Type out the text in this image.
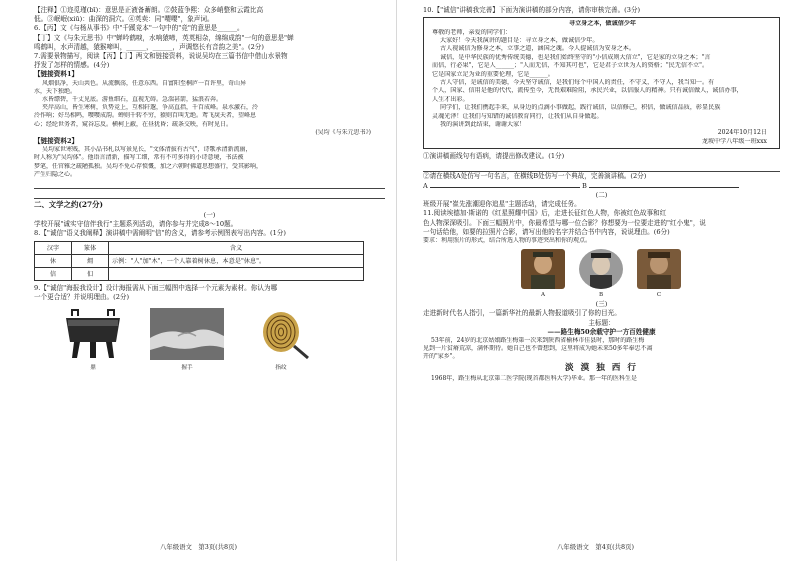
【注释】①迩觅瑾(bī)：意思是正液备蓄朗。②鼓蓝争熙：众多峭整和云霞比高
低。③岷岷(xiū)：曲深的洞穴。④英卖：同"嘤嘤"，象声词。
6.【丙】文《与杨从事书》中"千蹊竞本"一句中的"竞"的意思是______。
【丁】文《与朱元思书》中"蝉吟鹤唳，水响猿啼，英英相杂，绵绵成韵"一句的意思是"蝉
鸣鹤叫，水声清越，猿猴啼叫，______，______，声调悠长有音韵之美"。(2分)
7.需要景物描写，阅读【丙】【丁】两文和链接资料，说说吴均在三篇书信中借山水景物
抒发了怎样的情感。(4分)
【链接资料1】
风烟俱净，天山共色。从流飘荡，任意东西。自富阳至桐庐一百许里，奇山异
水，天下独绝。
水皆缥碧，千丈见底。游鱼细石，直视无碍。急湍甚箭，猛浪若奔。
夹岸高山，皆生寒树，负势竞上，互相轩邈，争高直指，千百成峰。泉水激石，泠
泠作响；好鸟相鸣，嘤嘤成韵。蝉则千转不穷，猿则百叫无绝。鸢飞戾天者，望峰息
心；经纶世务者，窥谷忘反。横柯上蔽，在昼犹昏；疏条交映，有时见日。
(吴均《与朱元思书》)
【链接资料2】
吴均家世寒贱，其小品书札以写景见长，"文体清拔有古气"，诗歌承清新流丽，
时人称为"吴均体"。他语言清新，描写工细，常有不可多得的小诗意境，书法被
梦笔，任官雅之疏陋孤独。吴均不免心存愤慨，加之六朝时佛道思想盛行，受其影响，
产生归隐之心。
二、文学之约(27分)
(一)
学校开展"诚实守信伴我行"主题系列活动，请你参与并完成8～10题。
8.【"诚信"语义我阐释】演讲稿中需阐明"信"的含义，请参考示例图表写出内容。(1分)
汉字	篆体	含义
休	㶲	示例："人"加"木"，一个人靠着树休息，本意是"休息"。
信	㐰	
9.【"诚信"海报我设计】设计海报需从下面三幅图中选择一个元素为素材。你认为哪
一个更合适？并说明理由。(2分)
鼎	握手	指纹
八年级语文　第3页(共8页)
10.【"诚信"讲稿我完善】下面为演讲稿的部分内容，请你审核完善。(3分)
寻立身之本，做诚信少年
尊敬的老师，亲爱的同学们：
大家好！今天我演讲的题目是：寻立身之本，做诚信少年。
古人视诚信为修身之本，立事之道，涵国之魂。今人提诚信为安身之本。
诚信，是中华民族的优秀传统美德，也是我们始终坚守的"小信成则大信立"，它是家的立身之本；"言
而信，行必果"，它是人______；"人而无信，不知其可也"，它是君子立世为人的资格；"民无信不立"。
它是国家立足为业的重要伦理，它是______。
古人守信，是诚信的美德，今天坚守诚信，是我们每个中国人的责任，不守义，不守人，我当知一。有
个人，国家、信用是他的代代，流传至今，无畏艰难险阻，承民兴业，以信服人的精神。只有诚信做人，诚信办事，
人生才出彩。
同学们，让我们携起手来，从身边的点滴小事做起，践行诚信，以信修己，积信，做诚信品质，彰显民族
灵魂光泽！让我们与知错的诚信教育同行，让我们从自身做起。
我的演讲到此结束，谢谢大家！
2024年10月12日
龙坡中学八年级一班xxx
①演讲稿画线句有语病，请提出修改建议。(1分)
②请在横线A处仿写一句名言，在横线B处仿写一个典故，完善演讲稿。(2分)
A	B
(二)
班级开展"崔先涨潮迎你追星"主题活动，请完成任务。
11.阅读埃德加·斯诺的《红星照耀中国》后，走进长征红色人物，你被红色故事和红
色人物深深吸引。下面三幅照片中，你最希望与哪一位合影？你想要为一位要走进的"红小鬼"，说
一句话给他，如要的拉照片合影，请写出他的名字并结合书中内容，说说理由。(6分)
要求：利用照片的形式，结合所选人物的事迹突出和你的观点。
A	B	C
(三)
走进新时代名人指引，一篇新华社的最新人物报道吸引了你的目光。
主标题：
——路生梅50余载守护一方百姓健康
53年前，24岁的北京姑娘路生梅第一次来到陕西省榆林市佳县时，那时的路生梅
见到一片贫瘠荒凉，满怀期待。她自己也不曾想到，这里将成为她未来50多年奉忠不离
开的"家乡"。
淡 漠 独 西 行
1968年，路生梅从北京第二医学院(现首都医科大学)毕业。那一年的医科生是
八年级语文　第4页(共8页)
